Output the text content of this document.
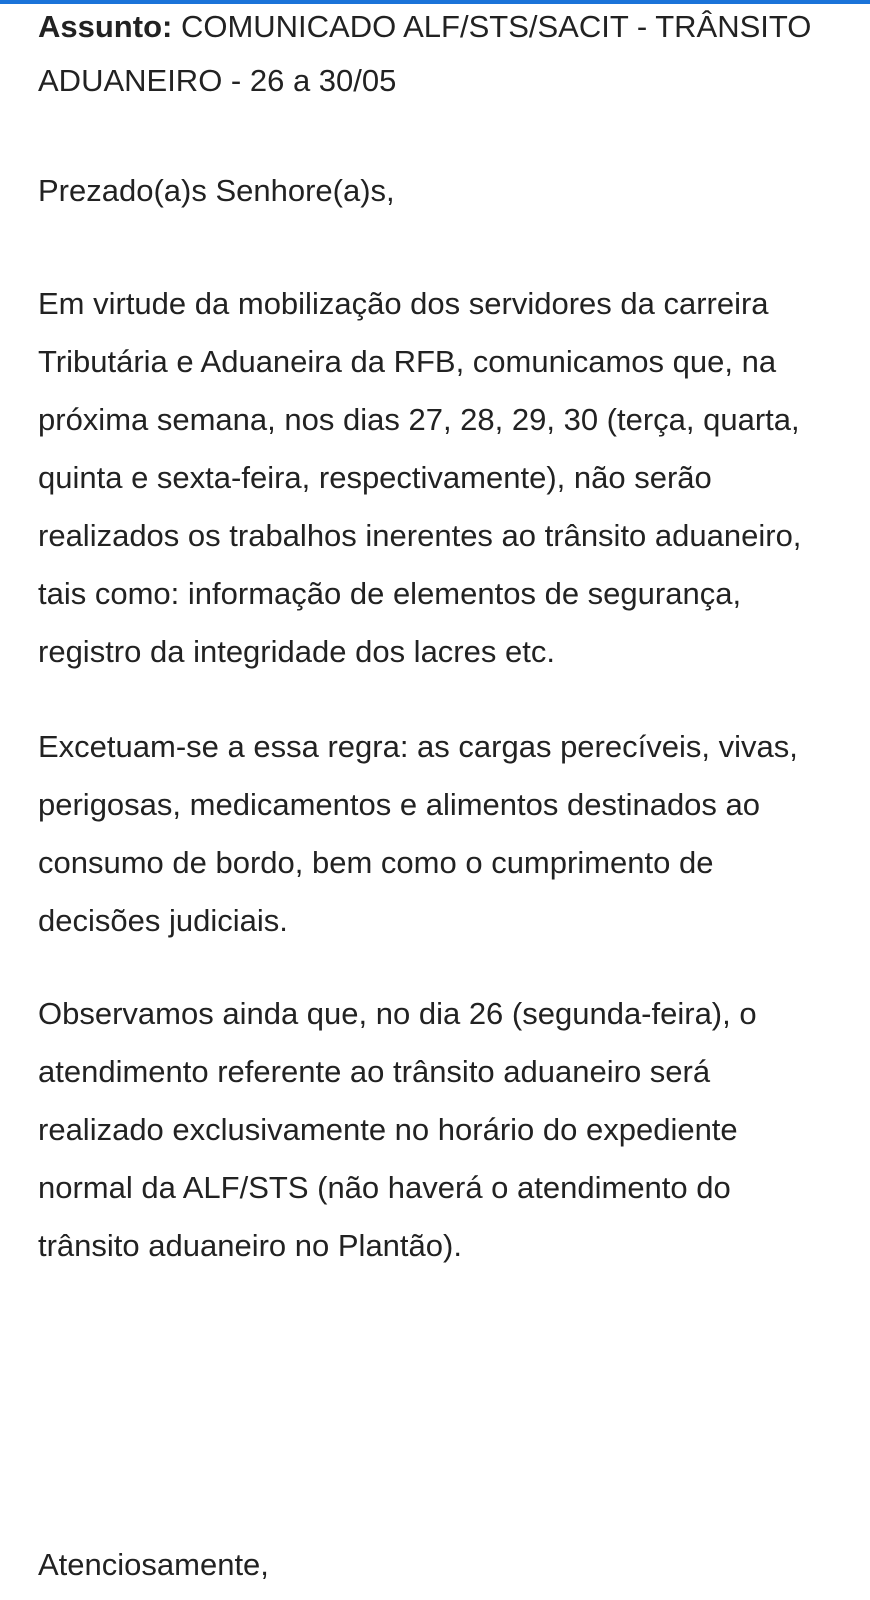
Assunto: COMUNICADO ALF/STS/SACIT - TRÂNSITO ADUANEIRO - 26 a 30/05

Prezado(a)s Senhore(a)s,

Em virtude da mobilização dos servidores da carreira Tributária e Aduaneira da RFB, comunicamos que, na próxima semana, nos dias 27, 28, 29, 30 (terça, quarta, quinta e sexta-feira, respectivamente), não serão realizados os trabalhos inerentes ao trânsito aduaneiro, tais como: informação de elementos de segurança, registro da integridade dos lacres etc.

Excetuam-se a essa regra: as cargas perecíveis, vivas, perigosas, medicamentos e alimentos destinados ao consumo de bordo, bem como o cumprimento de decisões judiciais.

Observamos ainda que, no dia 26 (segunda-feira), o atendimento referente ao trânsito aduaneiro será realizado exclusivamente no horário do expediente normal da ALF/STS (não haverá o atendimento do trânsito aduaneiro no Plantão).

Atenciosamente,
